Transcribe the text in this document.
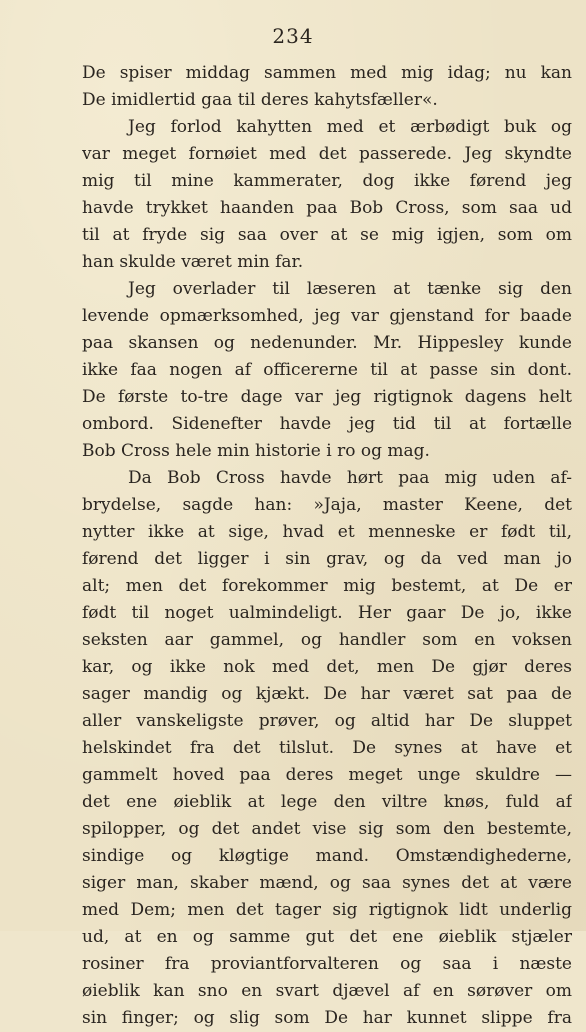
234
De spiser middag sammen med mig idag; nu kan
De imidlertid gaa til deres kahytsfæller«.
Jeg forlod kahytten med et ærbødigt buk og
var meget fornøiet med det passerede. Jeg skyndte
mig til mine kammerater, dog ikke førend jeg
havde trykket haanden paa Bob Cross, som saa ud
til at fryde sig saa over at se mig igjen, som om
han skulde været min far.
Jeg overlader til læseren at tænke sig den
levende opmærksomhed, jeg var gjenstand for baade
paa skansen og nedenunder. Mr. Hippesley kunde
ikke faa nogen af officererne til at passe sin dont.
De første to-tre dage var jeg rigtignok dagens helt
ombord. Sidenefter havde jeg tid til at fortælle
Bob Cross hele min historie i ro og mag.
Da Bob Cross havde hørt paa mig uden af-
brydelse, sagde han: »Jaja, master Keene, det
nytter ikke at sige, hvad et menneske er født til,
førend det ligger i sin grav, og da ved man jo
alt; men det forekommer mig bestemt, at De er
født til noget ualmindeligt. Her gaar De jo, ikke
seksten aar gammel, og handler som en voksen
kar, og ikke nok med det, men De gjør deres
sager mandig og kjækt. De har været sat paa de
aller vanskeligste prøver, og altid har De sluppet
helskindet fra det tilslut. De synes at have et
gammelt hoved paa deres meget unge skuldre —
det ene øieblik at lege den viltre knøs, fuld af
spilopper, og det andet vise sig som den bestemte,
sindige og kløgtige mand. Omstændighederne,
siger man, skaber mænd, og saa synes det at være
med Dem; men det tager sig rigtignok lidt underlig
ud, at en og samme gut det ene øieblik stjæler
rosiner fra proviantforvalteren og saa i næste
øieblik kan sno en svart djævel af en sørøver om
sin finger; og slig som De har kunnet slippe fra
